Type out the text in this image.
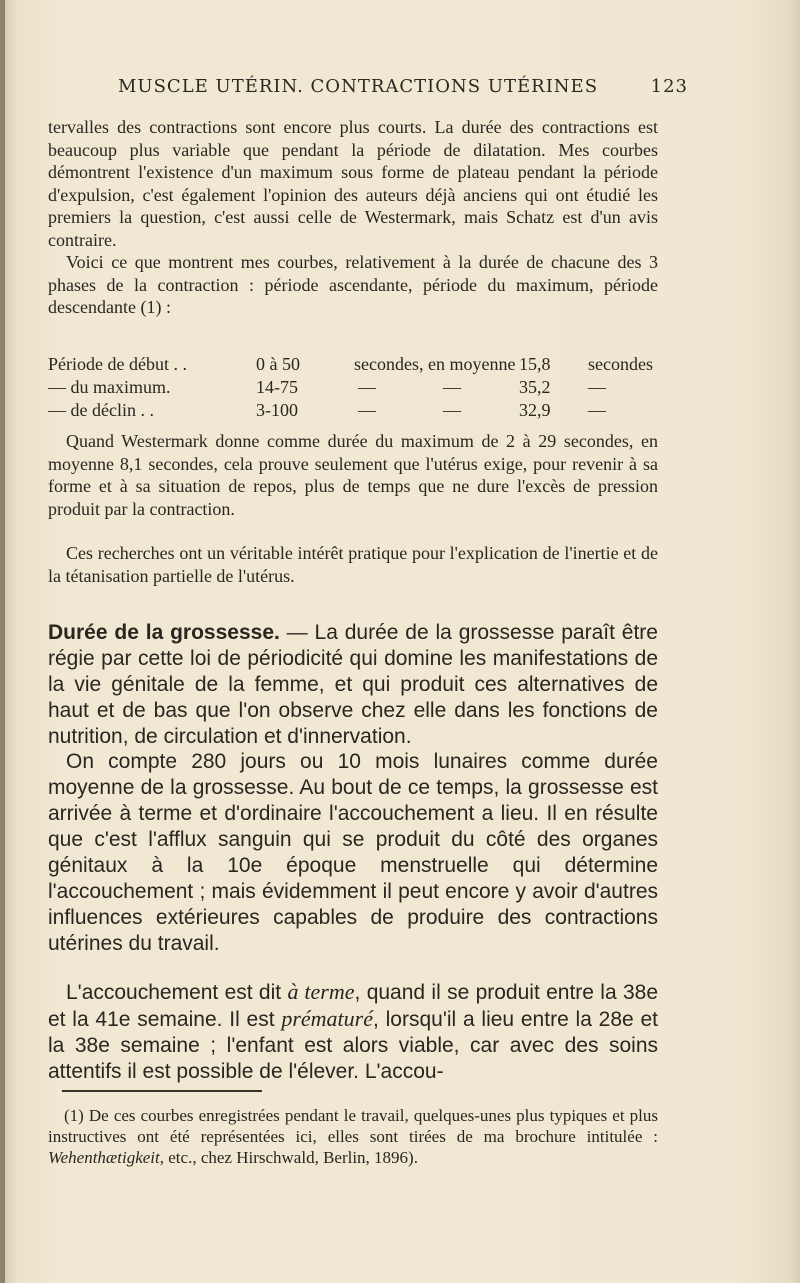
MUSCLE UTÉRIN. CONTRACTIONS UTÉRINES	123

tervalles des contractions sont encore plus courts. La durée des contractions est beaucoup plus variable que pendant la période de dilatation. Mes courbes démontrent l'existence d'un maximum sous forme de plateau pendant la période d'expulsion, c'est également l'opinion des auteurs déjà anciens qui ont étudié les premiers la question, c'est aussi celle de Westermark, mais Schatz est d'un avis contraire.

Voici ce que montrent mes courbes, relativement à la durée de chacune des 3 phases de la contraction : période ascendante, période du maximum, période descendante (1) :

Période de début . .	0 à 50	secondes, en moyenne 15,8 secondes
— du maximum.	14-75	—	—	35,2 —
— de déclin . .	3-100	—	—	32,9 —

Quand Westermark donne comme durée du maximum de 2 à 29 secondes, en moyenne 8,1 secondes, cela prouve seulement que l'utérus exige, pour revenir à sa forme et à sa situation de repos, plus de temps que ne dure l'excès de pression produit par la contraction.

Ces recherches ont un véritable intérêt pratique pour l'explication de l'inertie et de la tétanisation partielle de l'utérus.

Durée de la grossesse. — La durée de la grossesse paraît être régie par cette loi de périodicité qui domine les manifestations de la vie génitale de la femme, et qui produit ces alternatives de haut et de bas que l'on observe chez elle dans les fonctions de nutrition, de circulation et d'innervation.

On compte 280 jours ou 10 mois lunaires comme durée moyenne de la grossesse. Au bout de ce temps, la grossesse est arrivée à terme et d'ordinaire l'accouchement a lieu. Il en résulte que c'est l'afflux sanguin qui se produit du côté des organes génitaux à la 10e époque menstruelle qui détermine l'accouchement ; mais évidemment il peut encore y avoir d'autres influences extérieures capables de produire des contractions utérines du travail.

L'accouchement est dit à terme, quand il se produit entre la 38e et la 41e semaine. Il est prématuré, lorsqu'il a lieu entre la 28e et la 38e semaine ; l'enfant est alors viable, car avec des soins attentifs il est possible de l'élever. L'accou-

(1) De ces courbes enregistrées pendant le travail, quelques-unes plus typiques et plus instructives ont été représentées ici, elles sont tirées de ma brochure intitulée : Wehenthætigkeit, etc., chez Hirschwald, Berlin, 1896).
